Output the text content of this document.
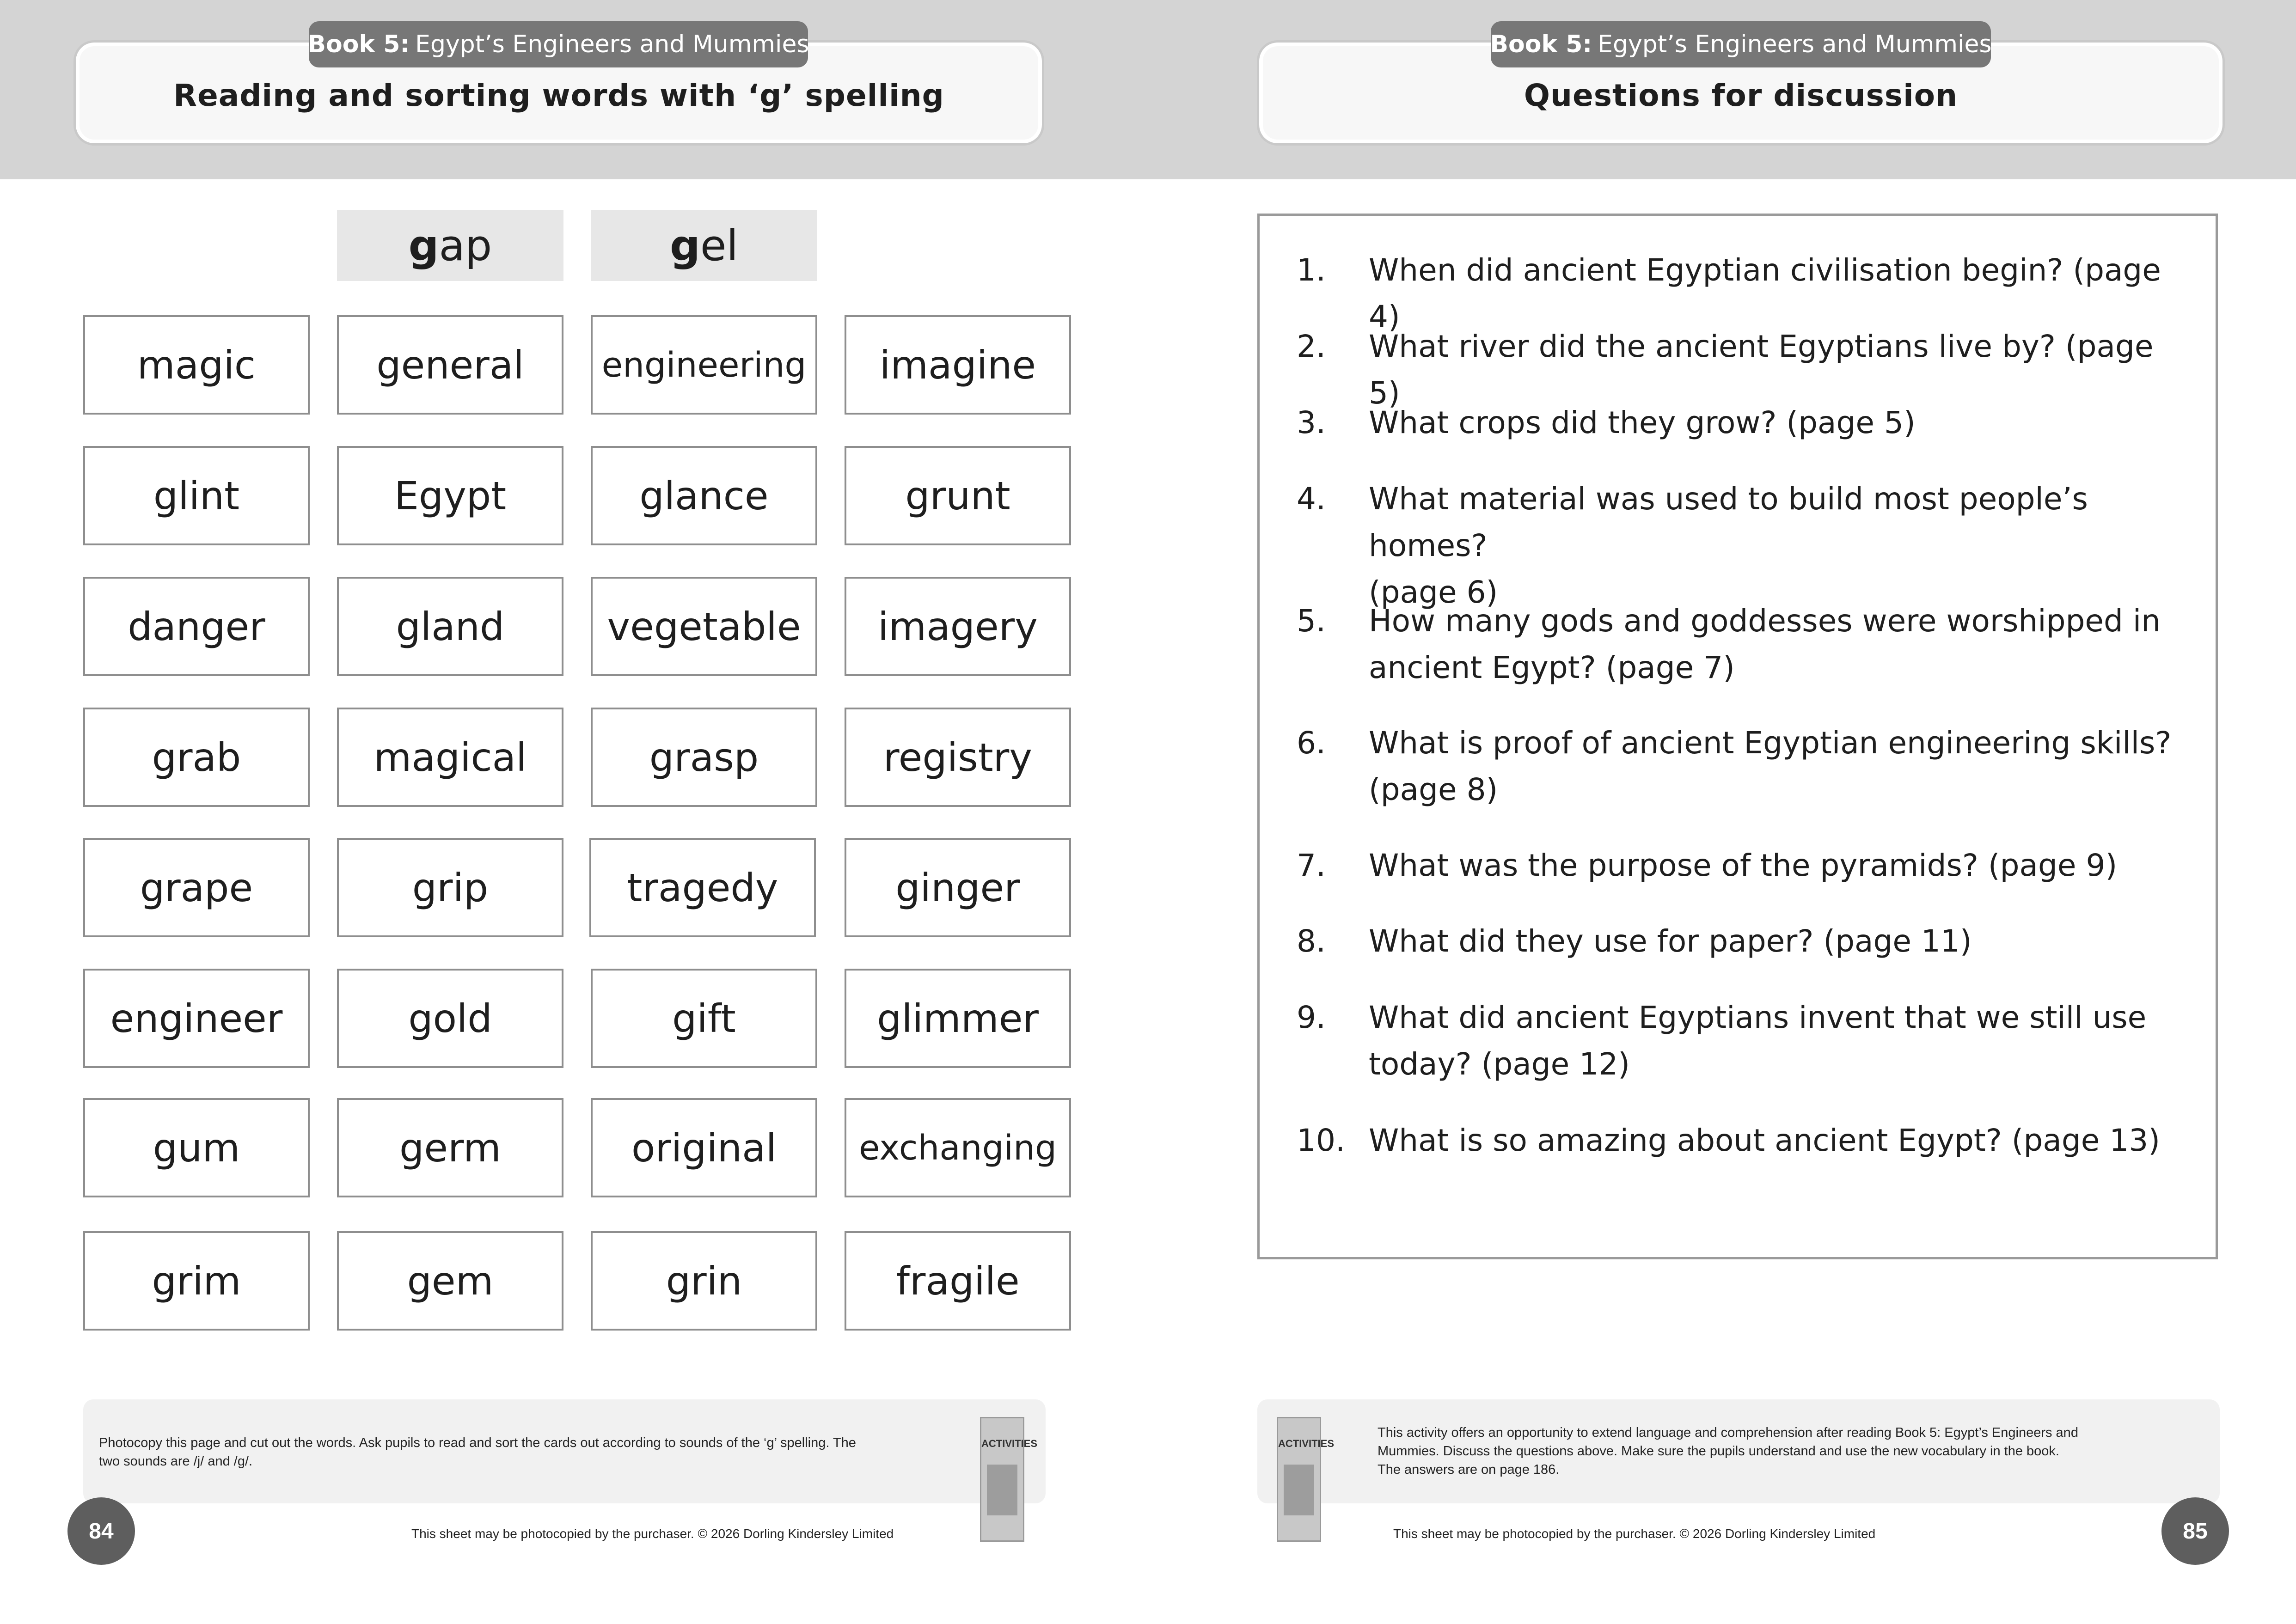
Reading and sorting words with ‘g’ spelling
Book 5: Egypt’s Engineers and Mummies
Questions for discussion
Book 5: Egypt’s Engineers and Mummies
g ap	g el
magic	general	engineering	imagine
glint	Egypt	glance	grunt
danger	gland	vegetable	imagery
grab	magical	grasp	registry
grape	grip	tragedy	ginger
engineer	gold	gift	glimmer
gum	germ	original	exchanging
grim	gem	grin	fragile
1.	When did ancient Egyptian civilisation begin? (page 4)
2.	What river did the ancient Egyptians live by? (page 5)
3.	What crops did they grow? (page 5)
4.	What material was used to build most people’s homes?
(page 6)
5.	How many gods and goddesses were worshipped in
ancient Egypt? (page 7)
6.	What is proof of ancient Egyptian engineering skills?
(page 8)
7.	What was the purpose of the pyramids? (page 9)
8.	What did they use for paper? (page 11)
9.	What did ancient Egyptians invent that we still use
today? (page 12)
10. What is so amazing about ancient Egypt? (page 13)
Photocopy this page and cut out the words. Ask pupils to read and sort the cards out according to sounds of the ‘g’ spelling. The
two sounds are /j/ and /g/.
ACTIVITIES
84	This sheet may be photocopied by the purchaser. © 2026 Dorling Kindersley Limited
ACTIVITIES
This activity offers an opportunity to extend language and comprehension after reading Book 5: Egypt’s Engineers and
Mummies. Discuss the questions above. Make sure the pupils understand and use the new vocabulary in the book.
The answers are on page 186.
85
This sheet may be photocopied by the purchaser. © 2026 Dorling Kindersley Limited
